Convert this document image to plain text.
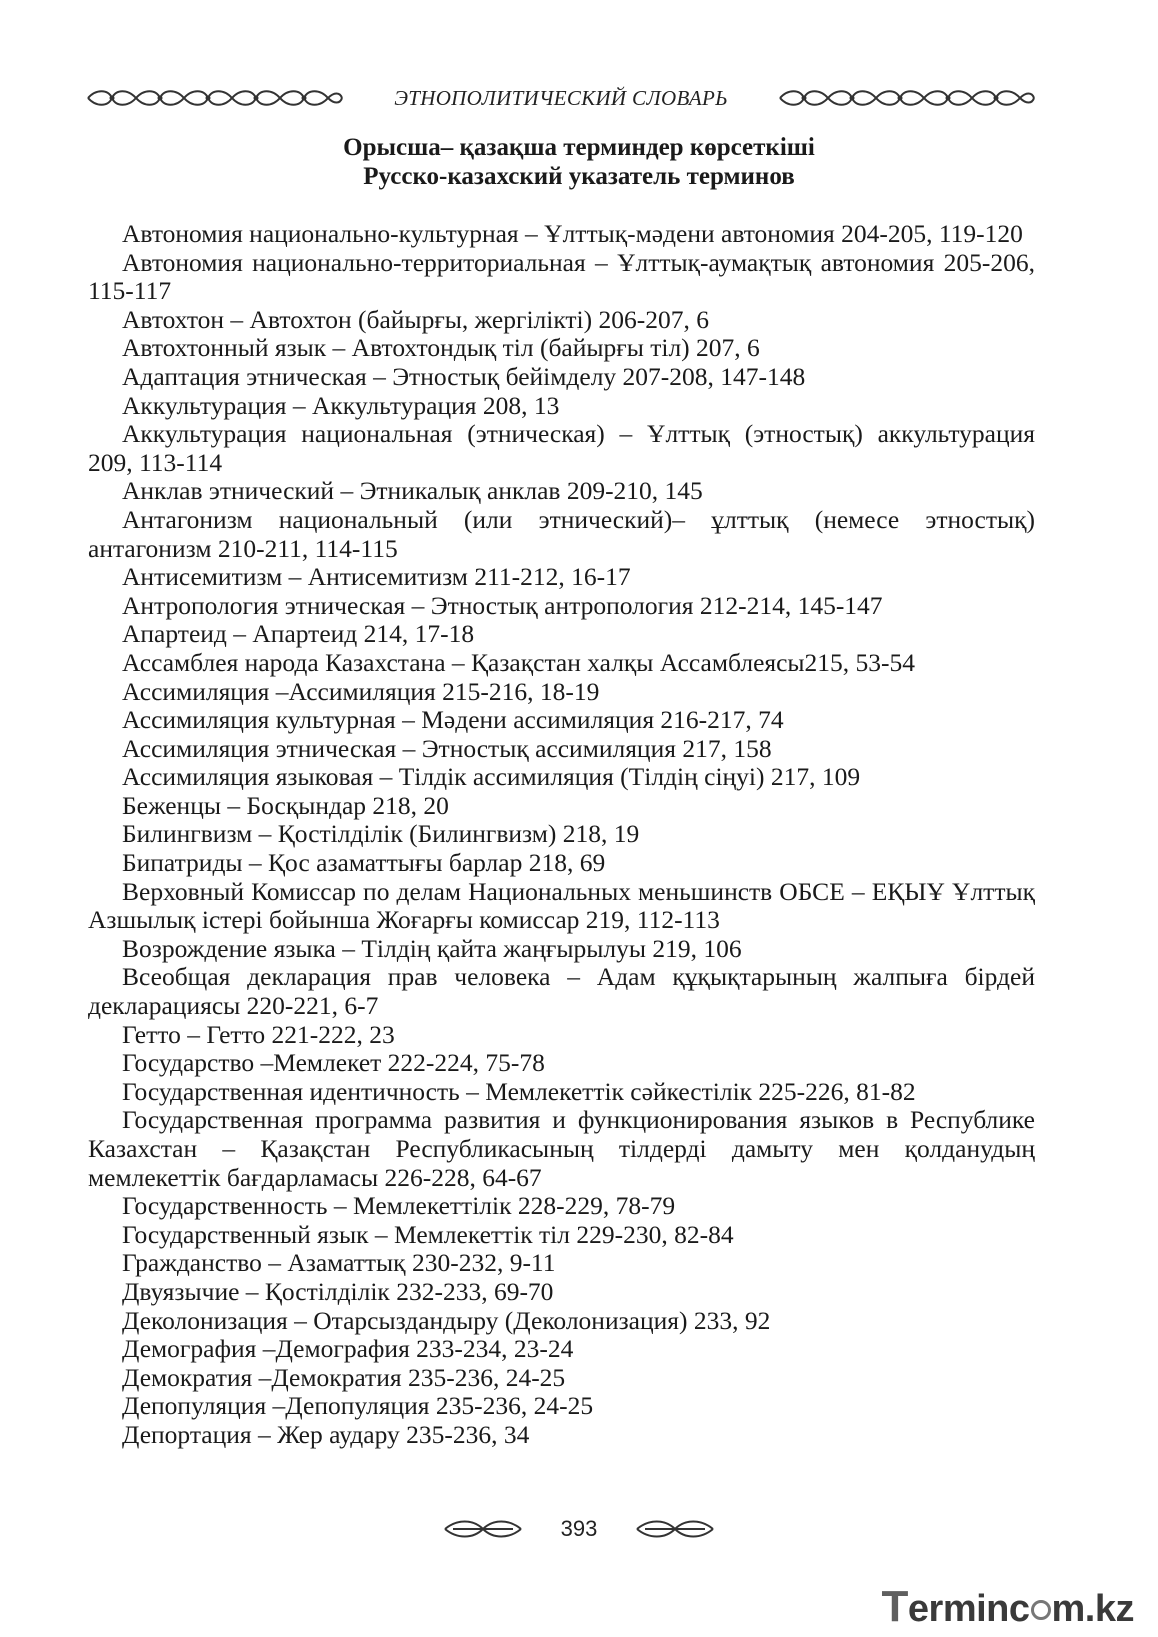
ЭТНОПОЛИТИЧЕСКИЙ СЛОВАРЬ

Орысша– қазақша терминдер көрсеткіші

Русско-казахский указатель терминов

Автономия национально-культурная – Ұлттық-мәдени автономия 204-205, 119-120

Автономия национально-территориальная – Ұлттық-аумақтық автономия 205-206, 115-117

Автохтон – Автохтон (байырғы, жергілікті) 206-207, 6

Автохтонный язык – Автохтондық тіл (байырғы тіл) 207, 6

Адаптация этническая – Этностық бейімделу 207-208, 147-148

Аккультурация – Аккультурация 208, 13

Аккультурация национальная (этническая) – Ұлттық (этностық) аккультурация 209, 113-114

Анклав этнический – Этникалық анклав 209-210, 145

Антагонизм национальный (или этнический)– ұлттық (немесе этностық) антагонизм 210-211, 114-115

Антисемитизм – Антисемитизм 211-212, 16-17

Антропология этническая – Этностық антропология 212-214, 145-147

Апартеид – Апартеид 214, 17-18

Ассамблея народа Казахстана – Қазақстан халқы Ассамблеясы215, 53-54

Ассимиляция –Ассимиляция 215-216, 18-19

Ассимиляция культурная – Мәдени ассимиляция 216-217, 74

Ассимиляция этническая – Этностық ассимиляция 217, 158

Ассимиляция языковая – Тілдік ассимиляция (Тілдің сіңуі) 217, 109

Беженцы – Босқындар 218, 20

Билингвизм – Қостілділік (Билингвизм) 218, 19

Бипатриды – Қос азаматтығы барлар 218, 69

Верховный Комиссар по делам Национальных меньшинств ОБСЕ – ЕҚЫҰ Ұлттық Азшылық істері бойынша Жоғарғы комиссар 219, 112-113

Возрождение языка – Тілдің қайта жаңғырылуы 219, 106

Всеобщая декларация прав человека – Адам құқықтарының жалпыға бірдей декларациясы 220-221, 6-7

Гетто – Гетто 221-222, 23

Государство –Мемлекет 222-224, 75-78

Государственная идентичность – Мемлекеттік сәйкестілік 225-226, 81-82

Государственная программа развития и функционирования языков в Республике Казахстан – Қазақстан Республикасының тілдерді дамыту мен қолданудың мемлекеттік бағдарламасы 226-228, 64-67

Государственность – Мемлекеттілік 228-229, 78-79

Государственный язык – Мемлекеттік тіл 229-230, 82-84

Гражданство – Азаматтық 230-232, 9-11

Двуязычие – Қостілділік 232-233, 69-70

Деколонизация – Отарсыздандыру (Деколонизация) 233, 92

Демография –Демография 233-234, 23-24

Демократия –Демократия 235-236, 24-25

Депопуляция –Депопуляция 235-236, 24-25

Депортация – Жер аудару 235-236, 34

393
Terminc m.kz
